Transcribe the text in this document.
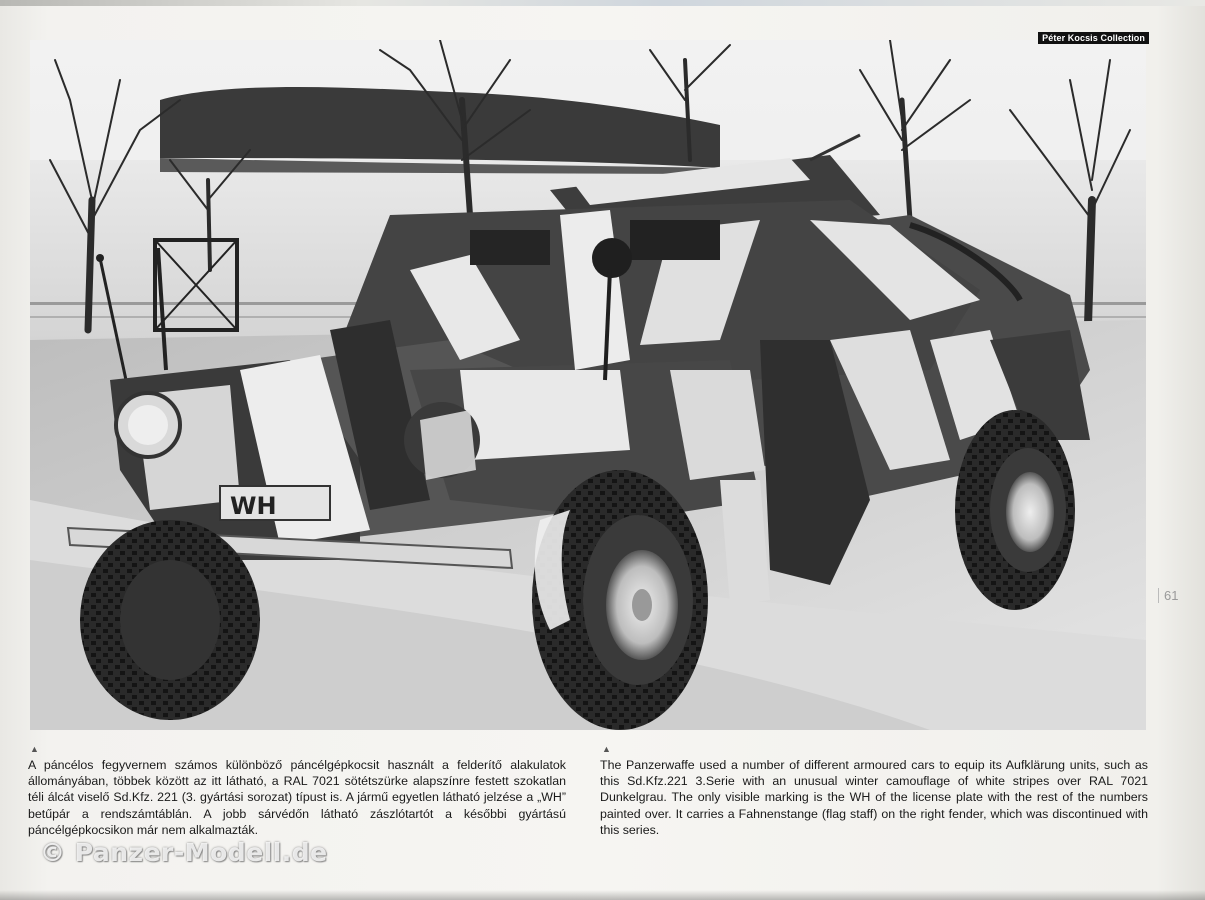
WH
Péter Kocsis Collection
61
▲	▲
A páncélos fegyvernem számos különböző páncélgépkocsit használt a felderítő alakulatok állományában, többek között az itt látható, a RAL 7021 sötétszürke alapszínre festett szokatlan téli álcát viselő Sd.Kfz. 221 (3. gyártási sorozat) típust is. A jármű egyetlen látható jelzése a „WH” betűpár a rendszámtáblán. A jobb sárvédőn látható zászlótartót a későbbi gyártású páncélgépkocsikon már nem alkalmazták.
The Panzerwaffe used a number of different armoured cars to equip its Aufklärung units, such as this Sd.Kfz.221 3.Serie with an unusual winter camouflage of white stripes over RAL 7021 Dunkelgrau. The only visible marking is the WH of the license plate with the rest of the numbers painted over. It carries a Fahnenstange (flag staff) on the right fender, which was discontinued with this series.
© Panzer-Modell.de
